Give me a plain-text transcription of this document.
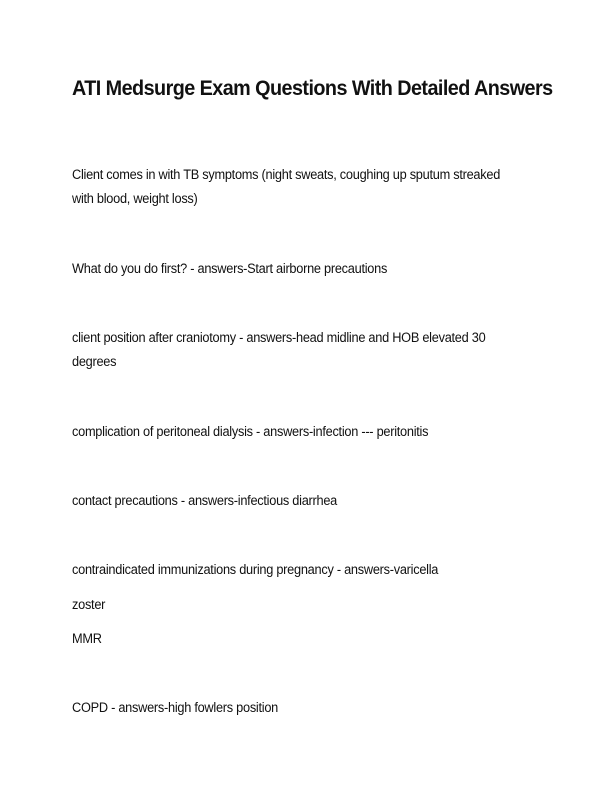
ATI Medsurge Exam Questions With Detailed Answers

Client comes in with TB symptoms (night sweats, coughing up sputum streaked with blood, weight loss)

What do you do first? - answers-Start airborne precautions

client position after craniotomy - answers-head midline and HOB elevated 30 degrees

complication of peritoneal dialysis - answers-infection --- peritonitis

contact precautions - answers-infectious diarrhea

contraindicated immunizations during pregnancy - answers-varicella

zoster

MMR

COPD - answers-high fowlers position
